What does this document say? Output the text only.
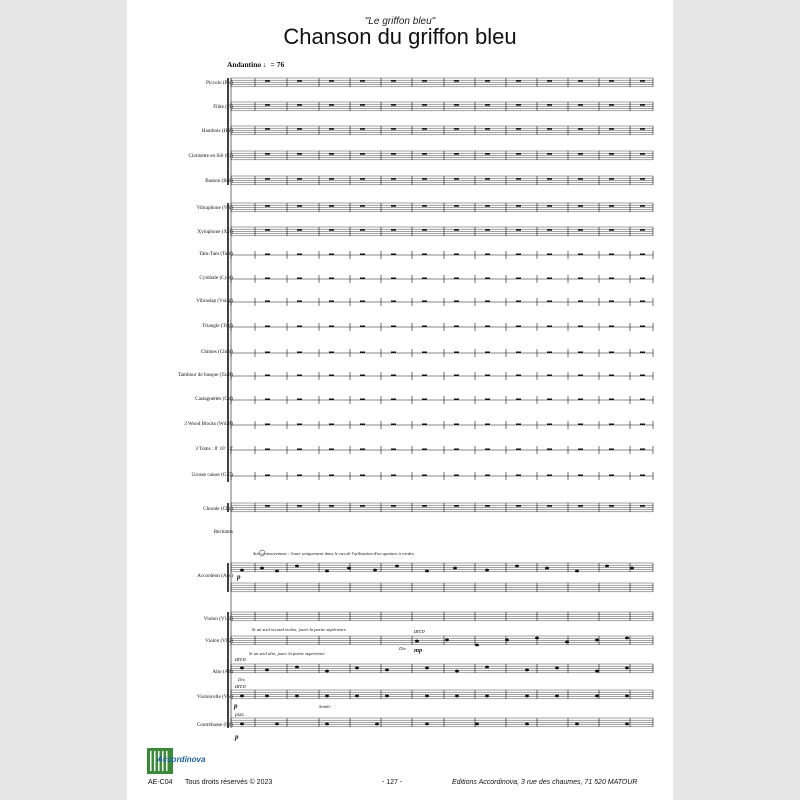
"Le griffon bleu"
Chanson du griffon bleu
Andantino ♩= 76
Piccolo (Pic)
Flûte (Fl)
Hautbois (Htb)
Clarinette en Sib (Cl)
Basson (Bsn)
Vibraphone (Vib)
Xylophone (Xyl)
Tam-Tam (Tam)
Cymbale (Cym)
Vibraslap (Vslap)
Triangle (Trgl)
Chimes (Chim)
Tambour de basque (Ta.B)
Castagnettes (Cst)
3 Wood Blocks (Wd.B)
3 Toms : 8' 10' 12'
Grosse caisse (G.C)
Chorale (Cho)
Récitants
Accordéon (Acc)
Violon (Vl. 1)
Violon (Vl.2)
Alto (Alt)
Violoncelle (Vlc)
Contrebasse (Cb)
Sur ce mouvement : Jouer uniquement dans le cas de l'utilisation d'un quatuor à cordes
p
Si un seul second violon, jouer la partie supérieure
Si un seul alto, jouer la partie supérieure
arco
Div. mp
arco
Div.
arco
p	Simile
pizz.
p
Accordinova
AE-C04 Tous droits réservés © 2023	- 127 -	Editions Accordinova, 3 rue des chaumes, 71 520 MATOUR
